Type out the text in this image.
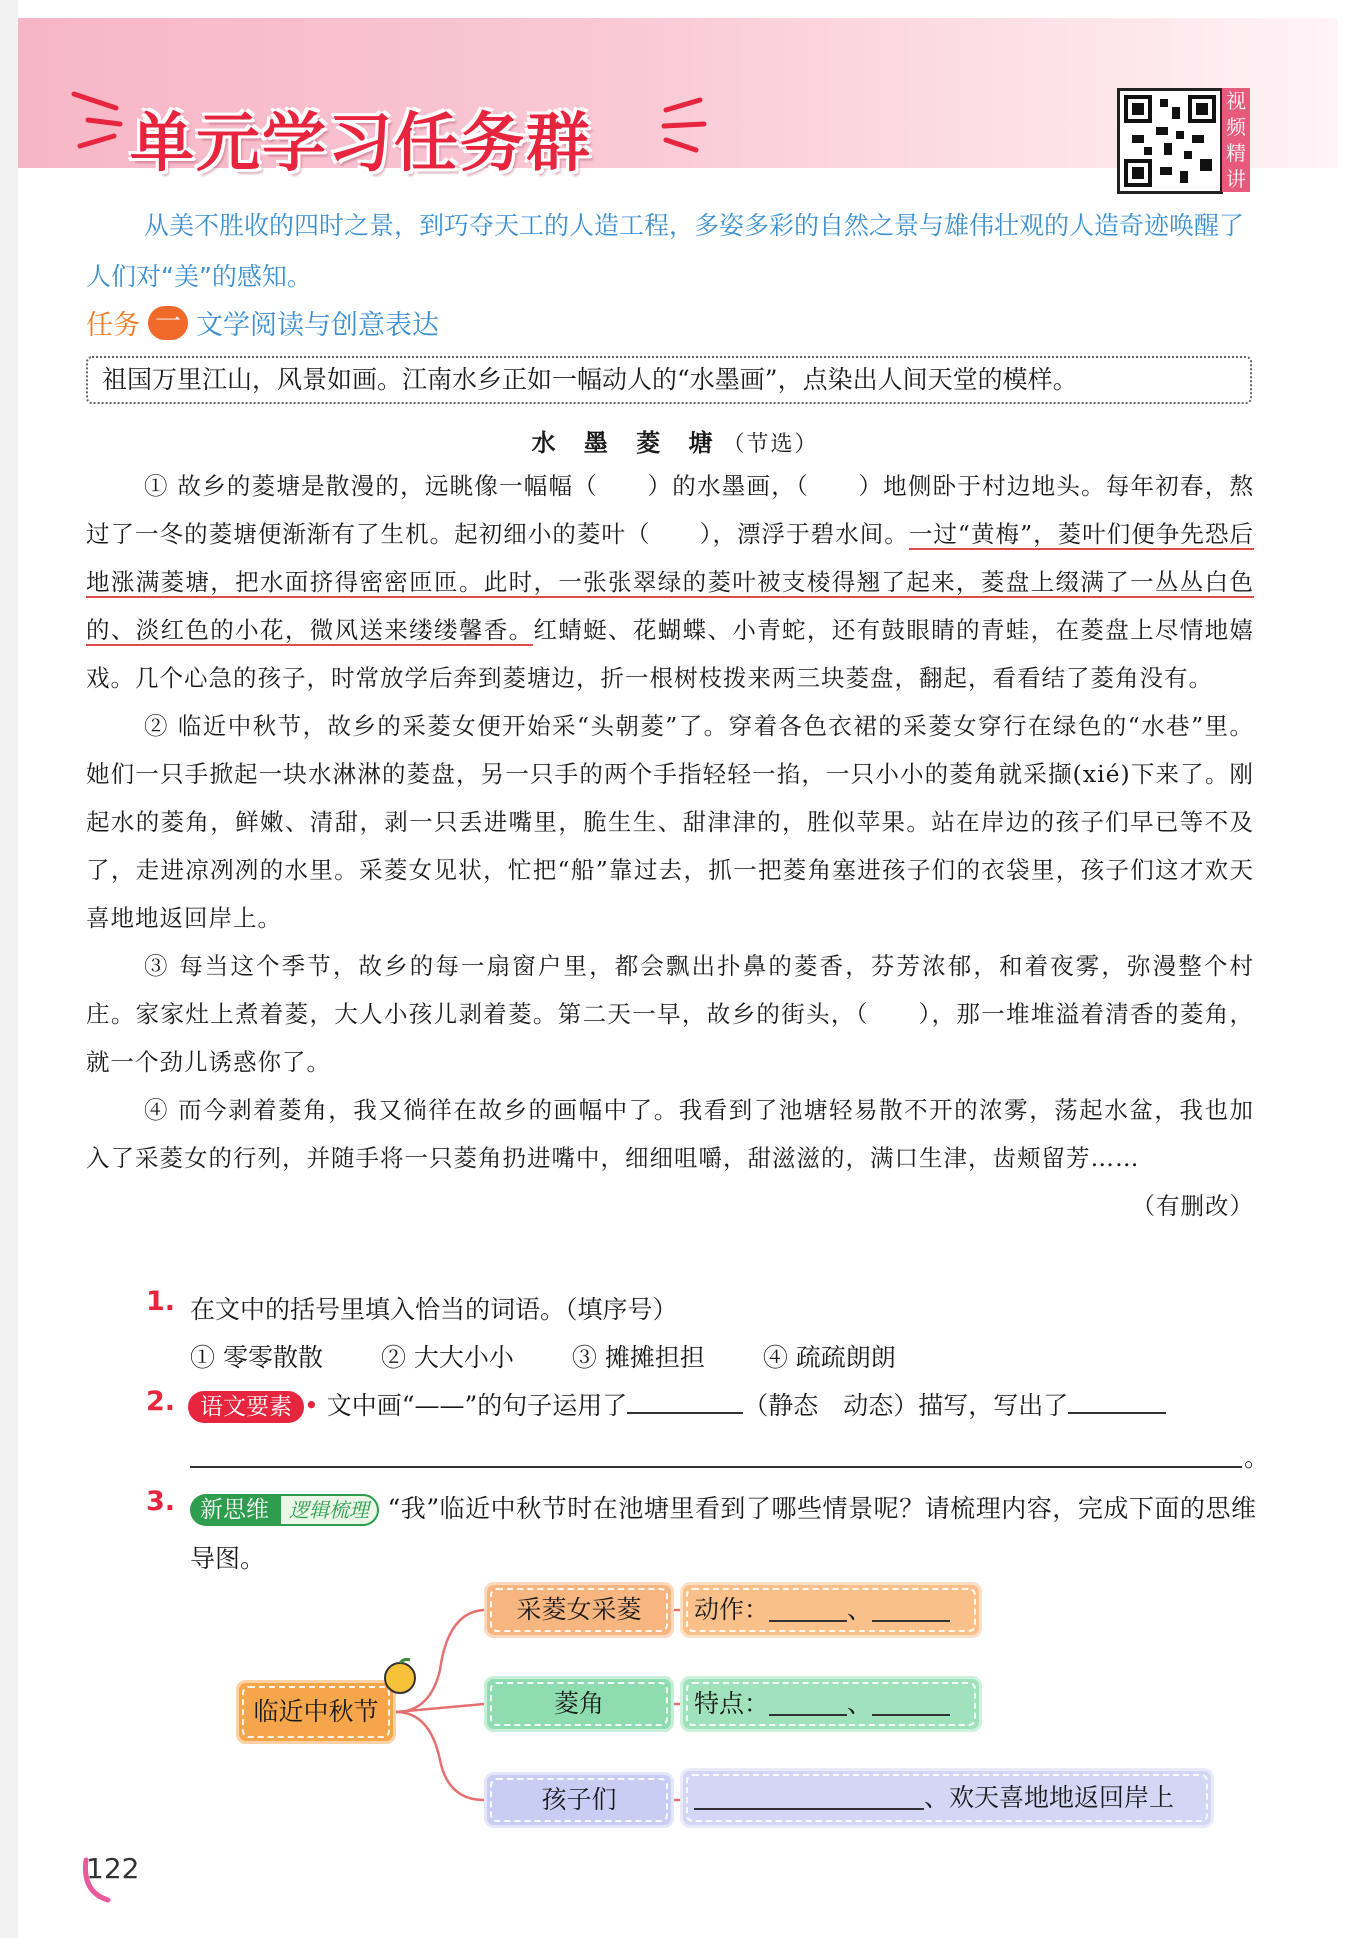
单元学习任务群
视频精讲
从美不胜收的四时之景，到巧夺天工的人造工程，多姿多彩的自然之景与雄伟壮观的人造奇迹唤醒了人们对“美”的感知。
任务 一 文学阅读与创意表达
祖国万里江山，风景如画。江南水乡正如一幅动人的“水墨画”，点染出人间天堂的模样。
水 墨 菱 塘（节选）

① 故乡的菱塘是散漫的，远眺像一幅幅（　　）的水墨画，（　　）地侧卧于村边地头。每年初春，熬过了一冬的菱塘便渐渐有了生机。起初细小的菱叶（　　），漂浮于碧水间。一过“黄梅”，菱叶们便争先恐后地涨满菱塘，把水面挤得密密匝匝。此时，一张张翠绿的菱叶被支棱得翘了起来，菱盘上缀满了一丛丛白色的、淡红色的小花，微风送来缕缕馨香。红蜻蜓、花蝴蝶、小青蛇，还有鼓眼睛的青蛙，在菱盘上尽情地嬉戏。几个心急的孩子，时常放学后奔到菱塘边，折一根树枝拨来两三块菱盘，翻起，看看结了菱角没有。

② 临近中秋节，故乡的采菱女便开始采“头朝菱”了。穿着各色衣裙的采菱女穿行在绿色的“水巷”里。她们一只手掀起一块水淋淋的菱盘，另一只手的两个手指轻轻一掐，一只小小的菱角就采撷(xié)下来了。刚起水的菱角，鲜嫩、清甜，剥一只丢进嘴里，脆生生、甜津津的，胜似苹果。站在岸边的孩子们早已等不及了，走进凉冽冽的水里。采菱女见状，忙把“船”靠过去，抓一把菱角塞进孩子们的衣袋里，孩子们这才欢天喜地地返回岸上。

③ 每当这个季节，故乡的每一扇窗户里，都会飘出扑鼻的菱香，芬芳浓郁，和着夜雾，弥漫整个村庄。家家灶上煮着菱，大人小孩儿剥着菱。第二天一早，故乡的街头，（　　），那一堆堆溢着清香的菱角，就一个劲儿诱惑你了。

④ 而今剥着菱角，我又徜徉在故乡的画幅中了。我看到了池塘轻易散不开的浓雾，荡起水盆，我也加入了采菱女的行列，并随手将一只菱角扔进嘴中，细细咀嚼，甜滋滋的，满口生津，齿颊留芳……

（有删改）
1. 在文中的括号里填入恰当的词语。（填序号）
① 零零散散 ② 大大小小 ③ 摊摊担担 ④ 疏疏朗朗
2.	语文要素 • 文中画“——”的句子运用了	（静态　动态）描写，写出了
。
3.	新思维 逻辑梳理 “我”临近中秋节时在池塘里看到了哪些情景呢？请梳理内容，完成下面的思维导图。
临近中秋节
采菱女采菱	动作：	、
菱角	特点：	、
孩子们	、欢天喜地地返回岸上
122
